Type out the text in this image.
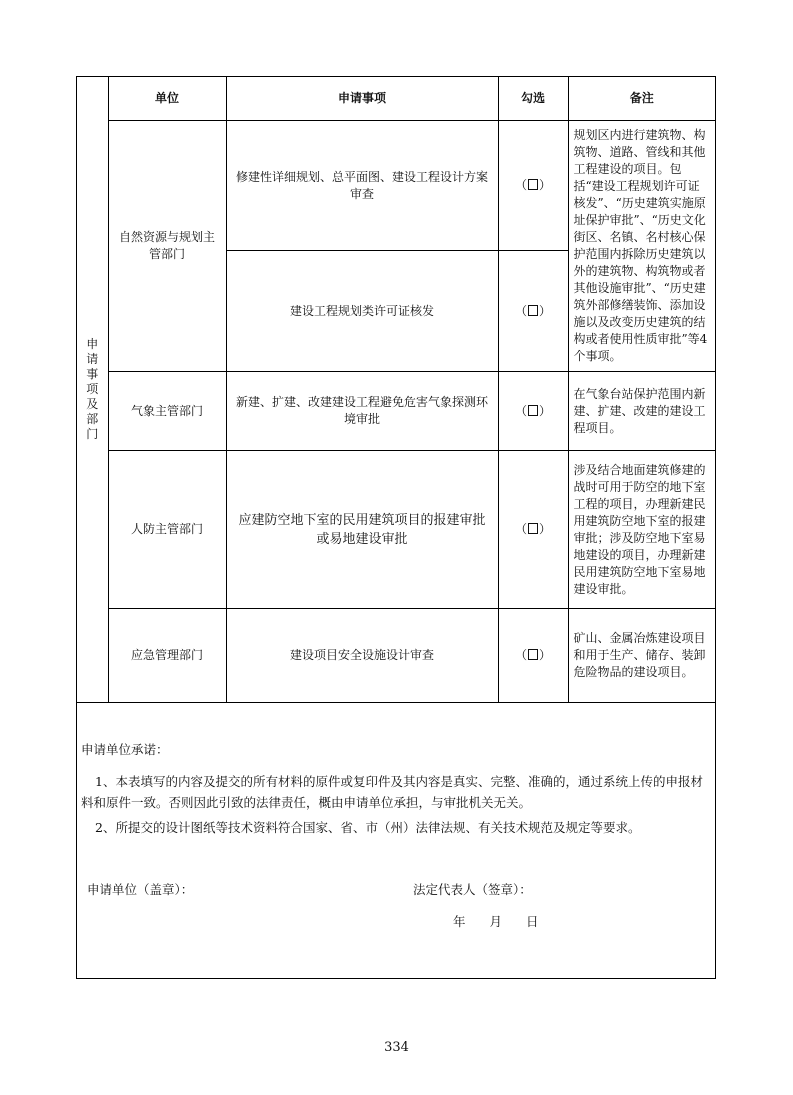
申请事项及部门	单位	申请事项	勾选	备注
	自然资源与规划主管部门	修建性详细规划、总平面图、建设工程设计方案审查	（ ）	规划区内进行建筑物、构筑物、道路、管线和其他工程建设的项目。包括“建设工程规划许可证核发”、“历史建筑实施原址保护审批”、“历史文化街区、名镇、名村核心保护范围内拆除历史建筑以外的建筑物、构筑物或者其他设施审批”、“历史建筑外部修缮装饰、添加设施以及改变历史建筑的结构或者使用性质审批”等4个事项。
		建设工程规划类许可证核发	（ ）	
	气象主管部门	新建、扩建、改建建设工程避免危害气象探测环境审批	（ ）	在气象台站保护范围内新建、扩建、改建的建设工程项目。
	人防主管部门	应建防空地下室的民用建筑项目的报建审批或易地建设审批	（ ）	涉及结合地面建筑修建的战时可用于防空的地下室工程的项目，办理新建民用建筑防空地下室的报建审批；涉及防空地下室易地建设的项目，办理新建民用建筑防空地下室易地建设审批。
	应急管理部门	建设项目安全设施设计审查	（ ）	矿山、金属冶炼建设项目和用于生产、储存、装卸危险物品的建设项目。
申请单位承诺：
1、本表填写的内容及提交的所有材料的原件或复印件及其内容是真实、完整、准确的，通过系统上传的申报材料和原件一致。否则因此引致的法律责任，概由申请单位承担，与审批机关无关。
2、所提交的设计图纸等技术资料符合国家、省、市（州）法律法规、有关技术规范及规定等要求。
申请单位（盖章）：	法定代表人（签章）：
年 月 日
334
